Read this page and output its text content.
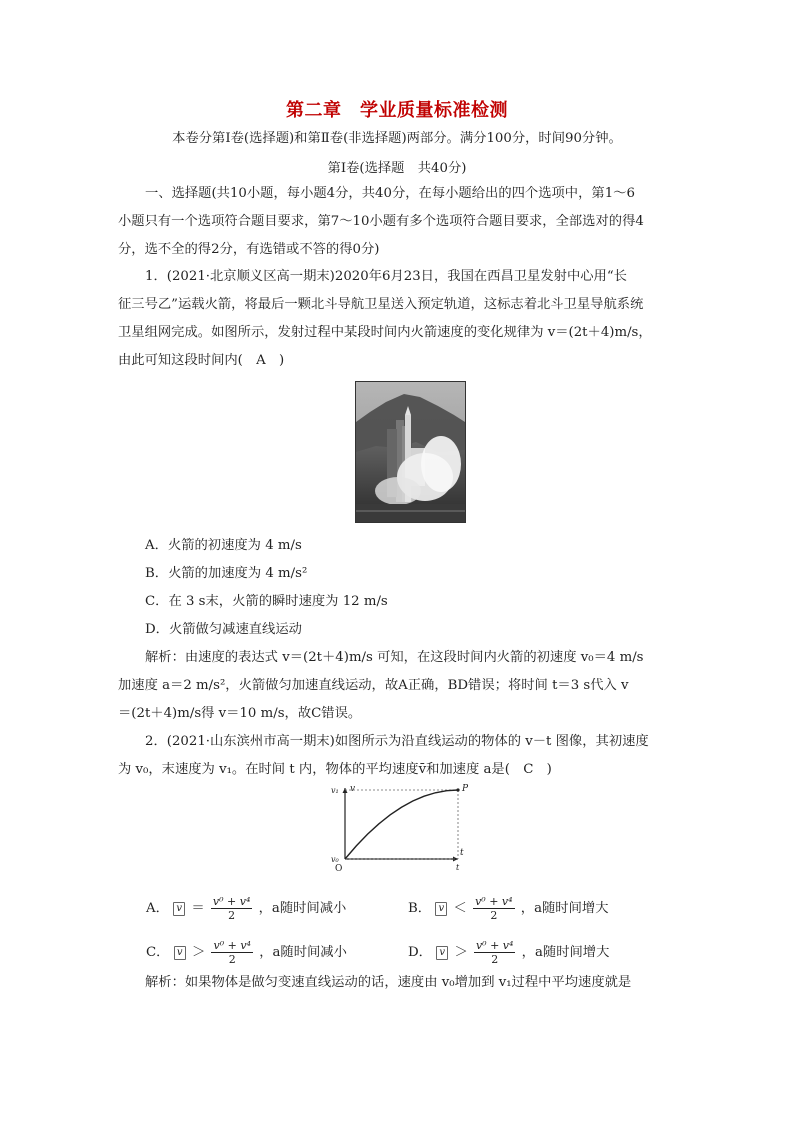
第二章　学业质量标准检测
本卷分第Ⅰ卷(选择题)和第Ⅱ卷(非选择题)两部分。满分100分，时间90分钟。
第Ⅰ卷(选择题　共40分)
一、选择题(共10小题，每小题4分，共40分，在每小题给出的四个选项中，第1～6
小题只有一个选项符合题目要求，第7～10小题有多个选项符合题目要求，全部选对的得4
分，选不全的得2分，有选错或不答的得0分)
1．(2021·北京顺义区高一期末)2020年6月23日，我国在西昌卫星发射中心用“长
征三号乙”运载火箭，将最后一颗北斗导航卫星送入预定轨道，这标志着北斗卫星导航系统
卫星组网完成。如图所示，发射过程中某段时间内火箭速度的变化规律为 v＝(2t＋4)m/s，
由此可知这段时间内(　A　)
A．火箭的初速度为 4 m/s
B．火箭的加速度为 4 m/s²
C．在 3 s末，火箭的瞬时速度为 12 m/s
D．火箭做匀减速直线运动
解析：由速度的表达式 v＝(2t＋4)m/s 可知，在这段时间内火箭的初速度 v₀＝4 m/s
加速度 a＝2 m/s²，火箭做匀加速直线运动，故A正确，BD错误；将时间 t＝3 s代入 v
＝(2t＋4)m/s得 v＝10 m/s，故C错误。
2．(2021·山东滨州市高一期末)如图所示为沿直线运动的物体的 v－t 图像，其初速度
为 v₀，末速度为 v₁。在时间 t 内，物体的平均速度v̄和加速度 a是(　C　)
t
v
O
v₁
v₀
t
P
A． $v = \frac{\text{v⁰ + v⁴}}{2}$ ，a随时间减小	B． $v < \frac{\text{v⁰ + v⁴}}{2}$ ，a随时间增大
C． $v > \frac{\text{v⁰ + v⁴}}{2}$ ，a随时间减小	D． $v > \frac{\text{v⁰ + v⁴}}{2}$ ，a随时间增大
解析：如果物体是做匀变速直线运动的话，速度由 v₀增加到 v₁过程中平均速度就是
